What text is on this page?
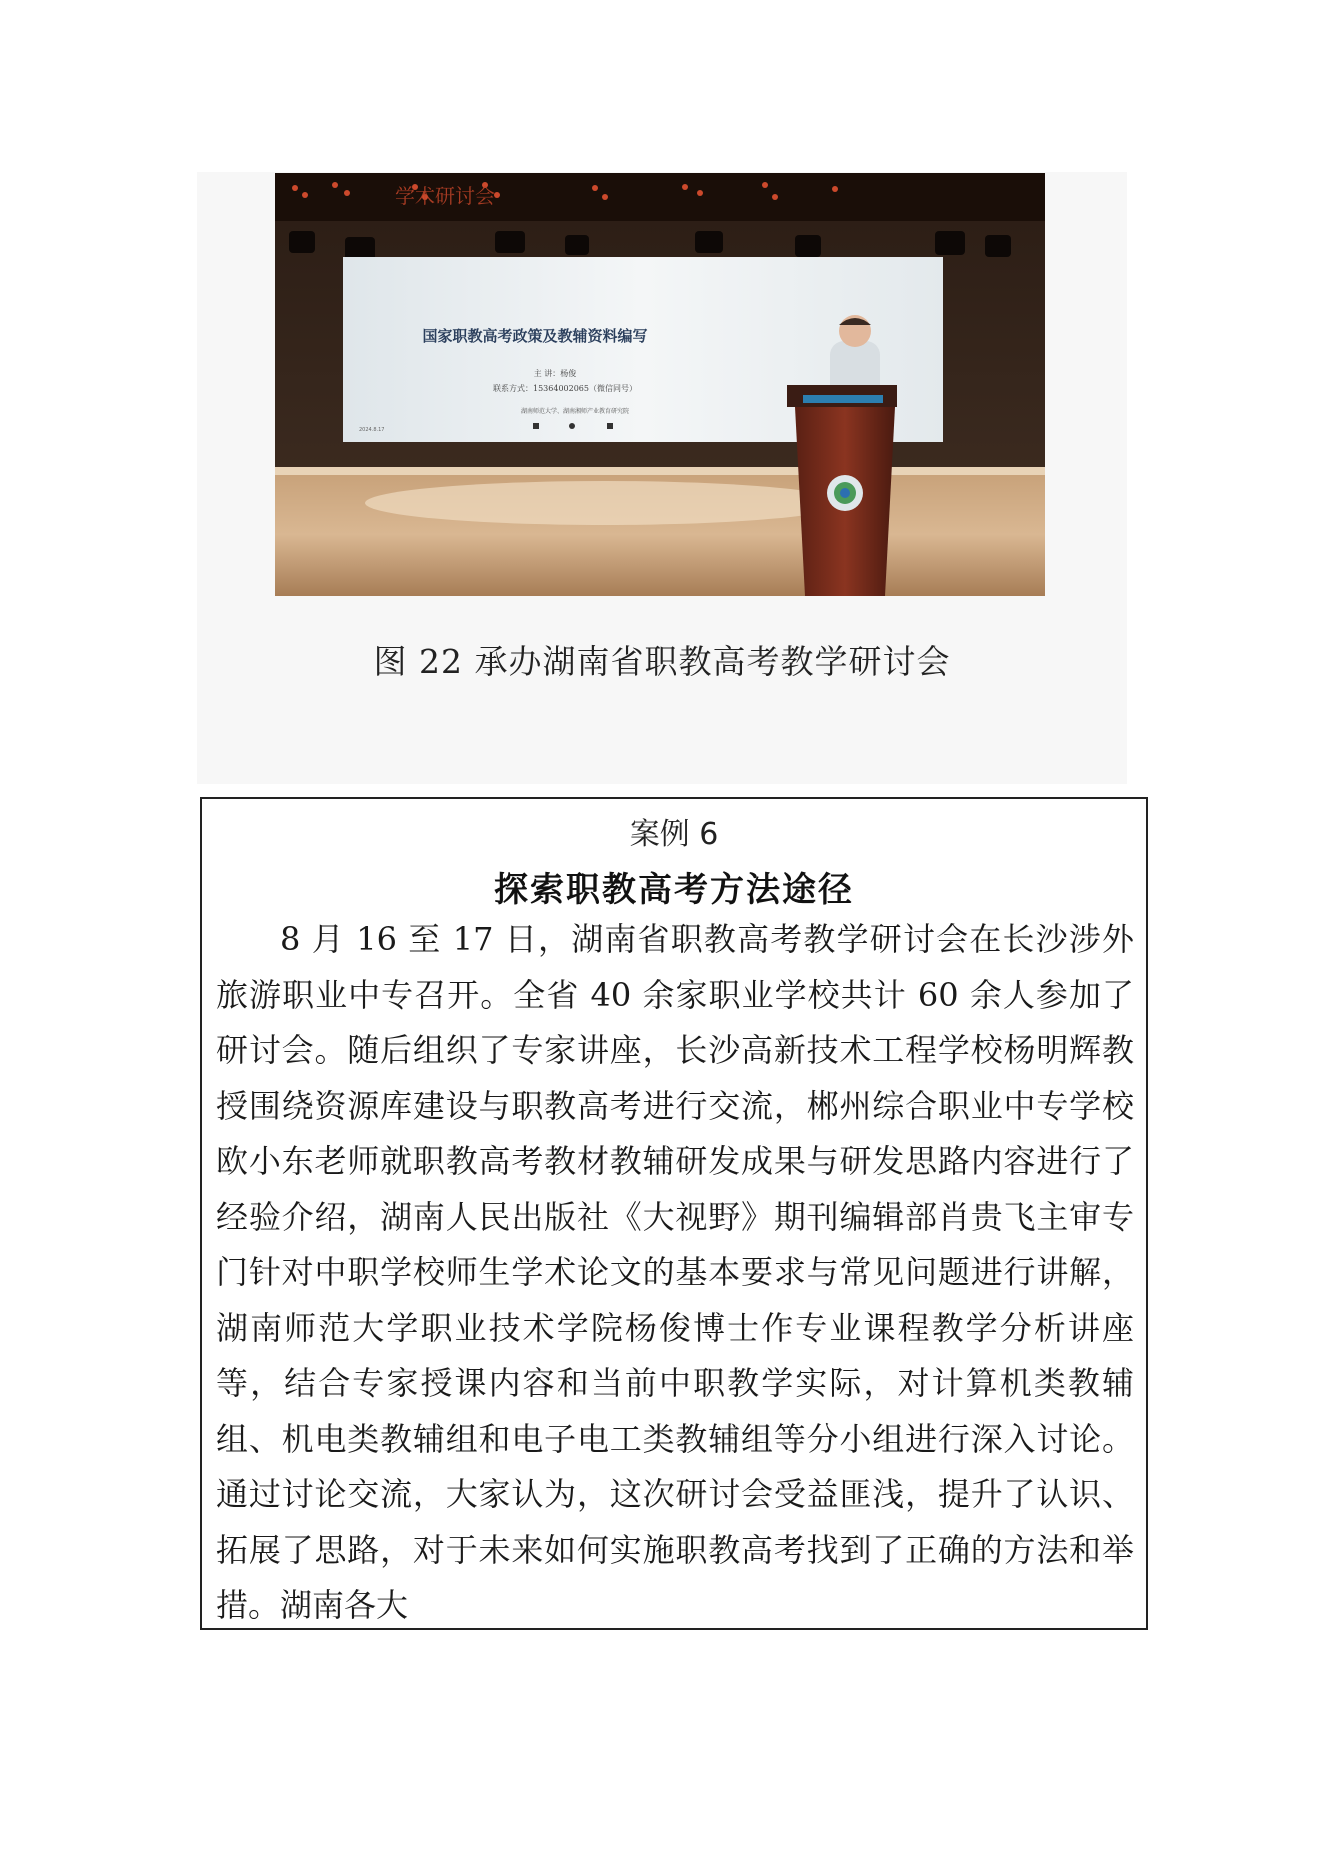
国家职教高考政策及教辅资料编写
主 讲：杨俊
联系方式：15364002065（微信同号）
湖南师范大学、湖南湘师产业教育研究院
2024.8.17
学术研讨会
图 22 承办湖南省职教高考教学研讨会
案例 6
探索职教高考方法途径

8 月 16 至 17 日，湖南省职教高考教学研讨会在长沙涉外旅游职业中专召开。全省 40 余家职业学校共计 60 余人参加了研讨会。随后组织了专家讲座，长沙高新技术工程学校杨明辉教授围绕资源库建设与职教高考进行交流，郴州综合职业中专学校欧小东老师就职教高考教材教辅研发成果与研发思路内容进行了经验介绍，湖南人民出版社《大视野》期刊编辑部肖贵飞主审专门针对中职学校师生学术论文的基本要求与常见问题进行讲解，湖南师范大学职业技术学院杨俊博士作专业课程教学分析讲座等，结合专家授课内容和当前中职教学实际，对计算机类教辅组、机电类教辅组和电子电工类教辅组等分小组进行深入讨论。通过讨论交流，大家认为，这次研讨会受益匪浅，提升了认识、拓展了思路，对于未来如何实施职教高考找到了正确的方法和举措。湖南各大
